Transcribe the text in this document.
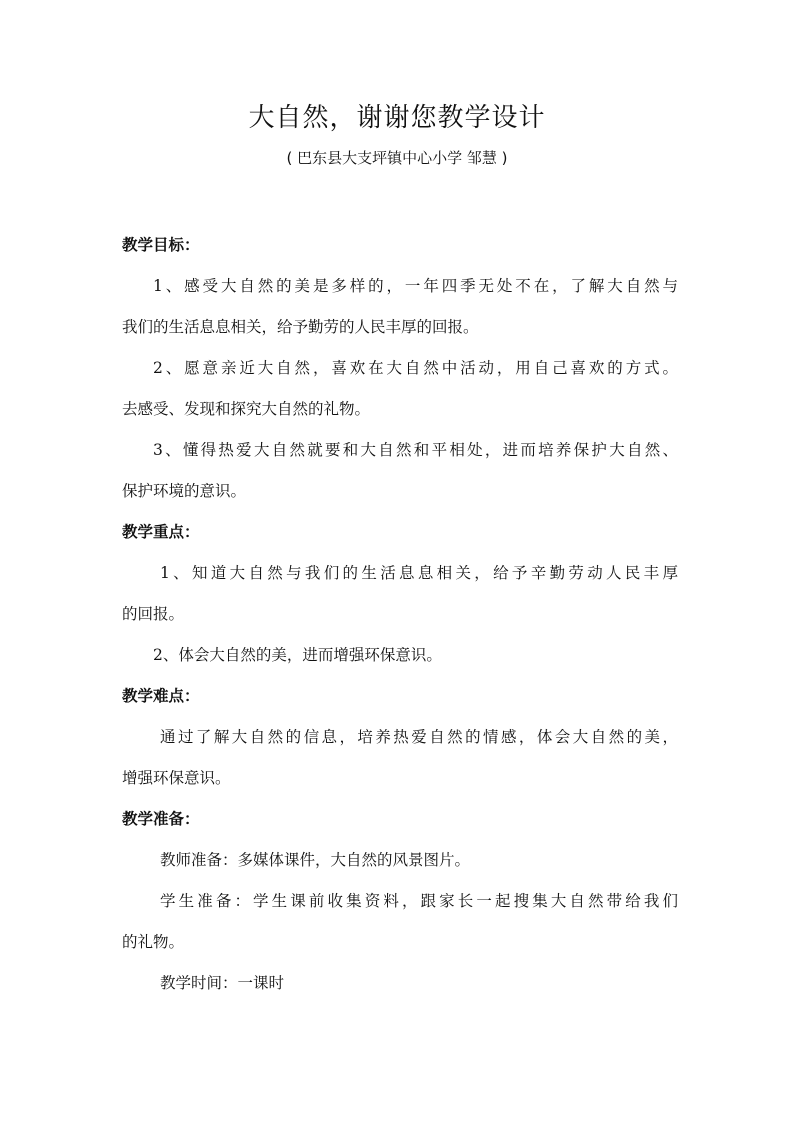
大自然，谢谢您教学设计
( 巴东县大支坪镇中心小学 邹慧 )
教学目标：
1、感受大自然的美是多样的，一年四季无处不在，了解大自然与
我们的生活息息相关，给予勤劳的人民丰厚的回报。
2、愿意亲近大自然，喜欢在大自然中活动，用自己喜欢的方式。
去感受、发现和探究大自然的礼物。
3、懂得热爱大自然就要和大自然和平相处，进而培养保护大自然、
保护环境的意识。
教学重点：
1、知道大自然与我们的生活息息相关，给予辛勤劳动人民丰厚
的回报。
2、体会大自然的美，进而增强环保意识。
教学难点：
通过了解大自然的信息，培养热爱自然的情感，体会大自然的美，
增强环保意识。
教学准备：
教师准备：多媒体课件，大自然的风景图片。
学生准备：学生课前收集资料，跟家长一起搜集大自然带给我们
的礼物。
教学时间：一课时
